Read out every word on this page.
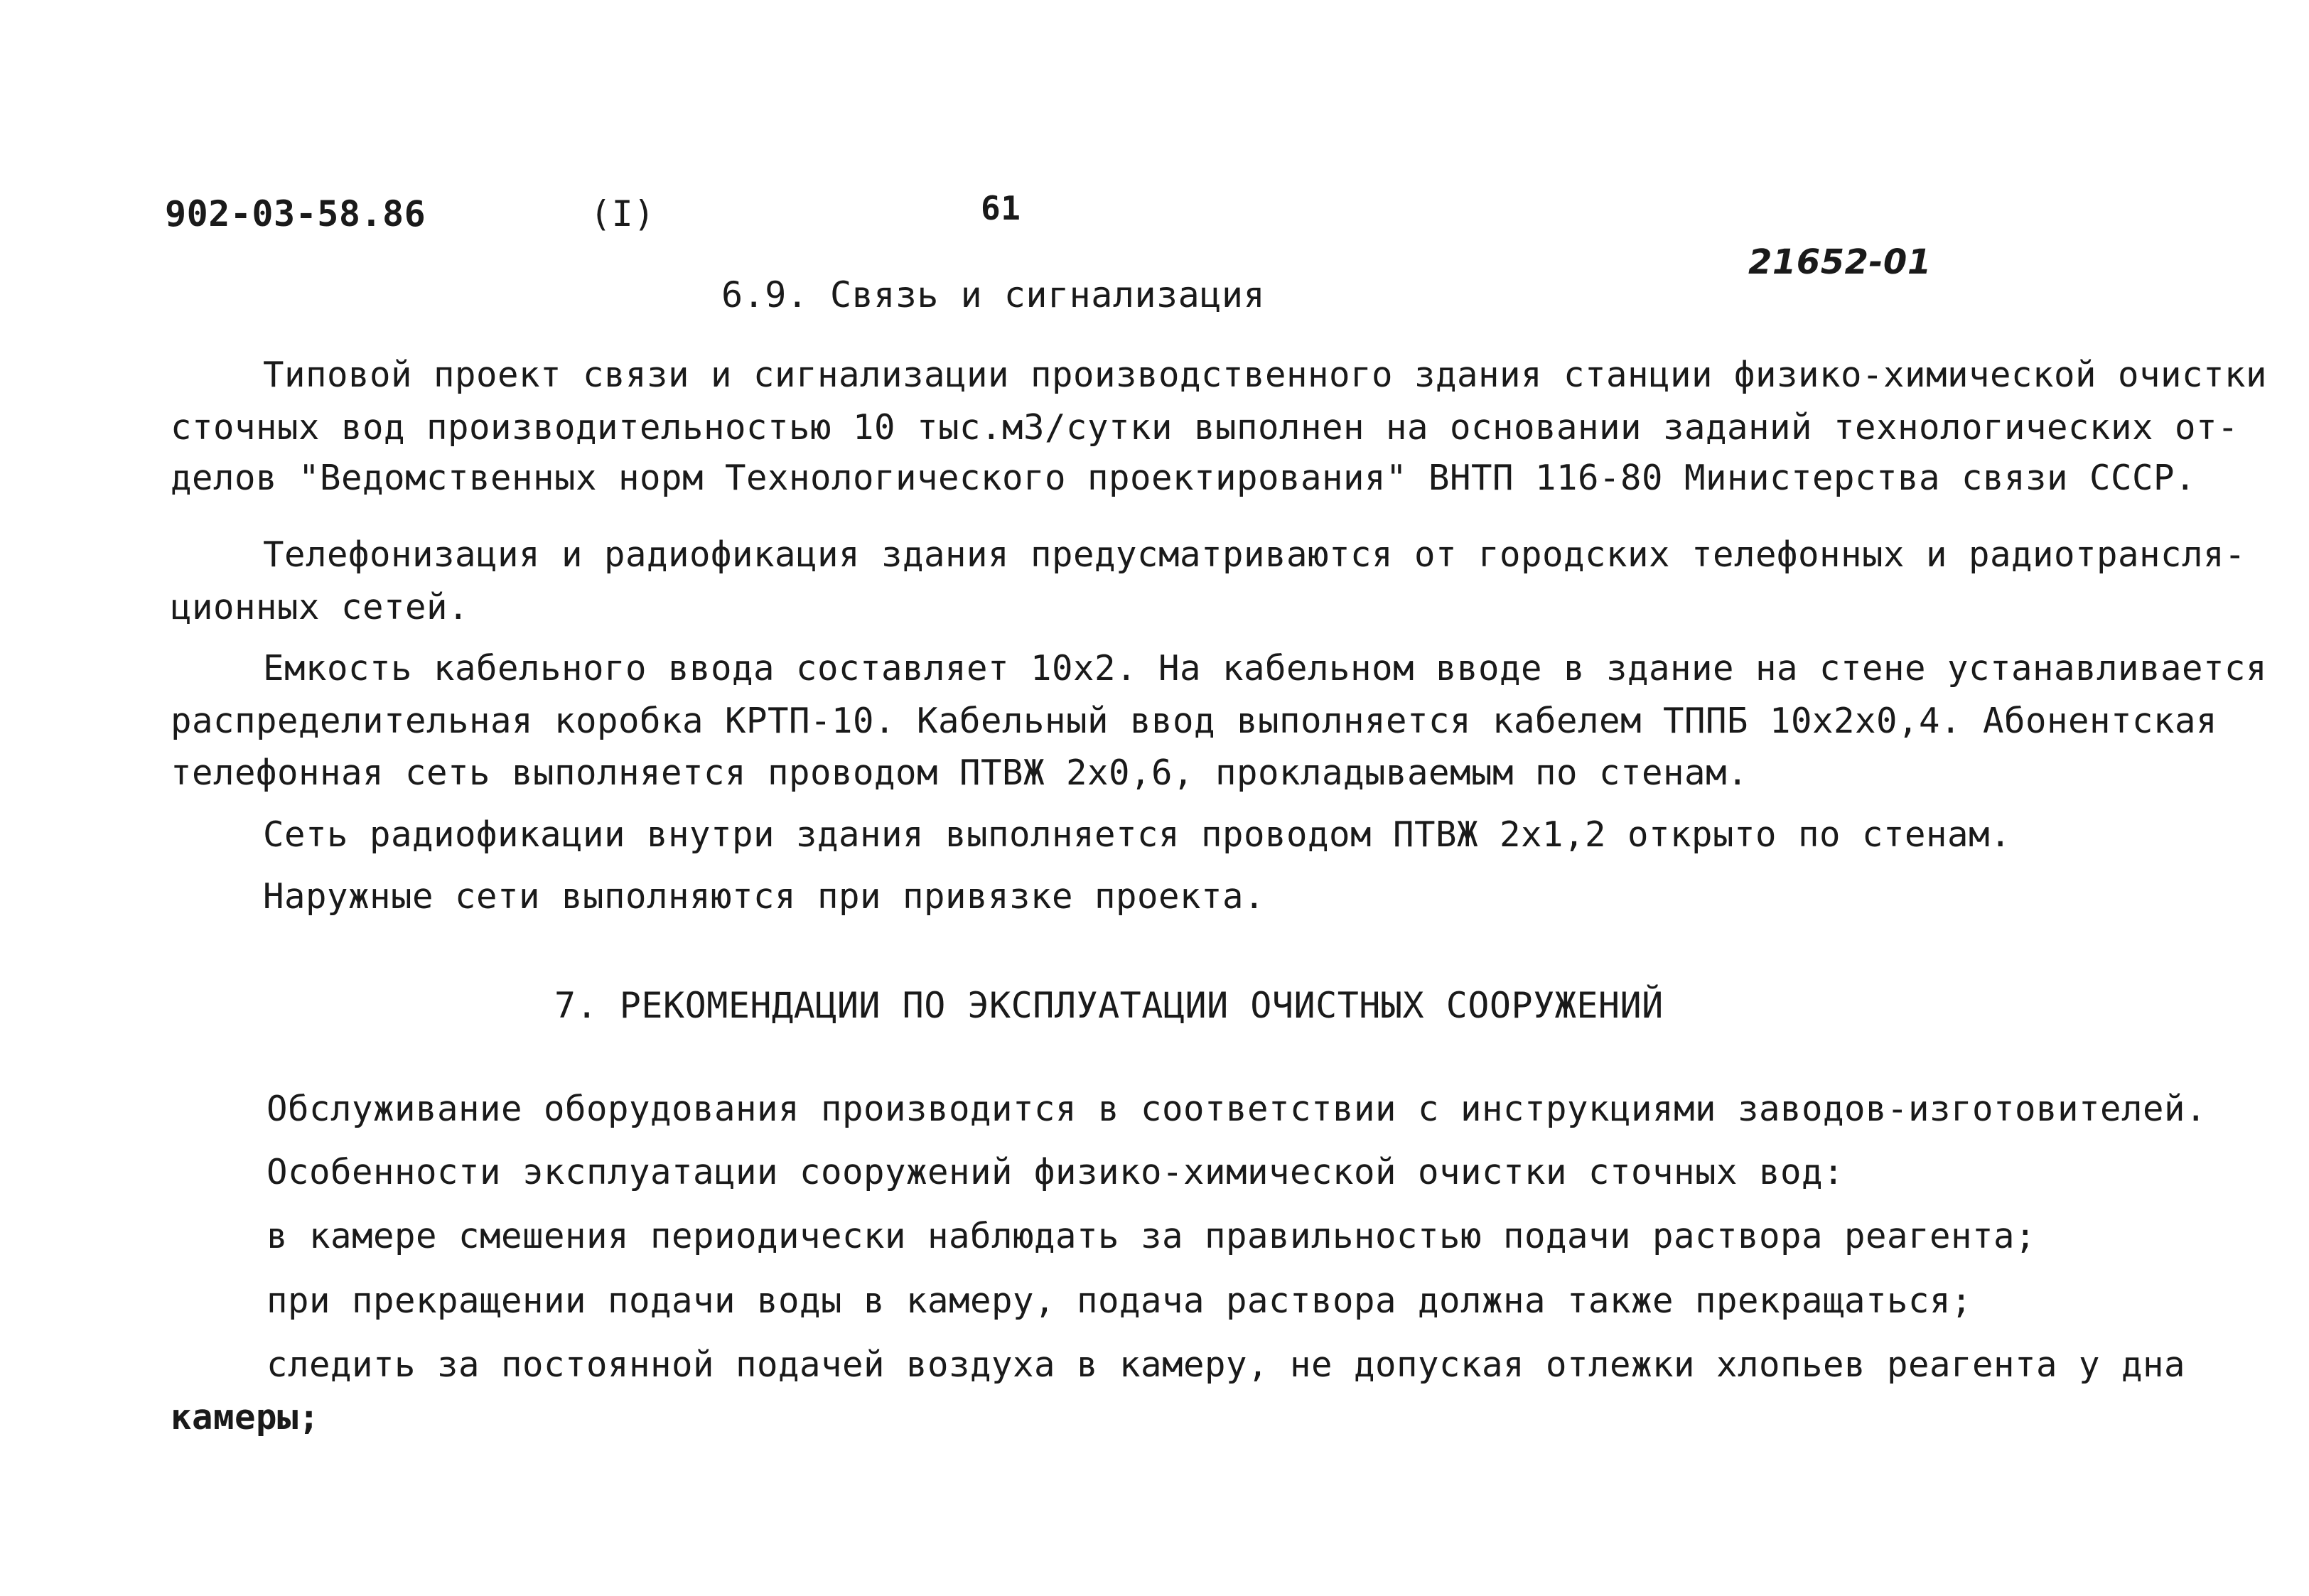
902-03-58.86	(I)	61
21652-01
6.9. Связь и сигнализация
Типовой проект связи и сигнализации производственного здания станции физико-химической очистки
сточных вод производительностью 10 тыс.м3/сутки выполнен на основании заданий технологических от-
делов "Ведомственных норм Технологического проектирования" ВНТП 116-80 Министерства связи СССР.
Телефонизация и радиофикация здания предусматриваются от городских телефонных и радиотрансля-
ционных сетей.
Емкость кабельного ввода составляет 10х2. На кабельном вводе в здание на стене устанавливается
распределительная коробка КРТП-10. Кабельный ввод выполняется кабелем ТППБ 10х2х0,4. Абонентская
телефонная сеть выполняется проводом ПТВЖ 2х0,6, прокладываемым по стенам.
Сеть радиофикации внутри здания выполняется проводом ПТВЖ 2х1,2 открыто по стенам.
Наружные сети выполняются при привязке проекта.
7. РЕКОМЕНДАЦИИ ПО ЭКСПЛУАТАЦИИ ОЧИСТНЫХ СООРУЖЕНИЙ
Обслуживание оборудования производится в соответствии с инструкциями заводов-изготовителей.
Особенности эксплуатации сооружений физико-химической очистки сточных вод:
в камере смешения периодически наблюдать за правильностью подачи раствора реагента;
при прекращении подачи воды в камеру, подача раствора должна также прекращаться;
следить за постоянной подачей воздуха в камеру, не допуская отлежки хлопьев реагента у дна
камеры;
